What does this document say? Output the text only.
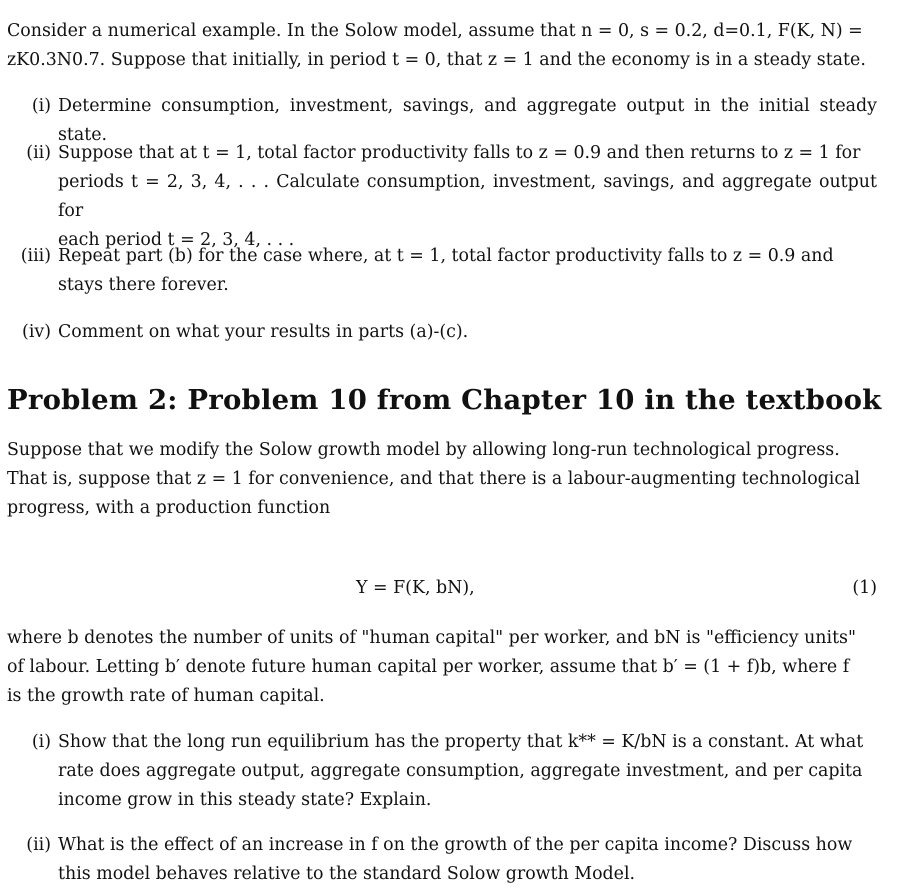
Consider a numerical example. In the Solow model, assume that n = 0, s = 0.2, d=0.1, F(K, N) =
zK0.3N0.7. Suppose that initially, in period t = 0, that z = 1 and the economy is in a steady state.
(i) Determine consumption, investment, savings, and aggregate output in the initial steady state.
(ii) Suppose that at t = 1, total factor productivity falls to z = 0.9 and then returns to z = 1 for
periods t = 2, 3, 4, . . . Calculate consumption, investment, savings, and aggregate output for
each period t = 2, 3, 4, . . .
(iii) Repeat part (b) for the case where, at t = 1, total factor productivity falls to z = 0.9 and
stays there forever.
(iv) Comment on what your results in parts (a)-(c).
Problem 2: Problem 10 from Chapter 10 in the textbook
Suppose that we modify the Solow growth model by allowing long-run technological progress.
That is, suppose that z = 1 for convenience, and that there is a labour-augmenting technological
progress, with a production function
Y = F(K, bN),	(1)
where b denotes the number of units of "human capital" per worker, and bN is "efficiency units"
of labour. Letting b′ denote future human capital per worker, assume that b′ = (1 + f)b, where f
is the growth rate of human capital.
(i) Show that the long run equilibrium has the property that k** = K/bN is a constant. At what
rate does aggregate output, aggregate consumption, aggregate investment, and per capita
income grow in this steady state? Explain.
(ii) What is the effect of an increase in f on the growth of the per capita income? Discuss how
this model behaves relative to the standard Solow growth Model.
